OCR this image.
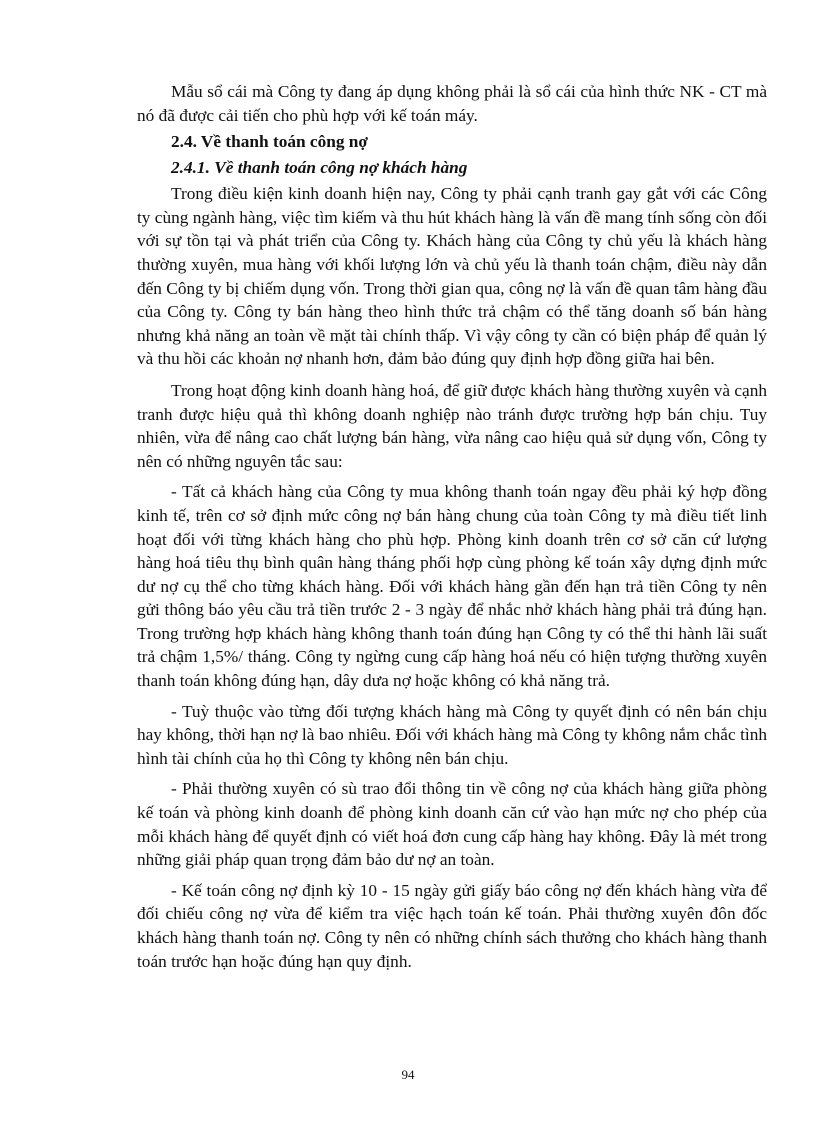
Mẫu sổ cái mà Công ty đang áp dụng không phải là sổ cái của hình thức NK - CT mà nó đã được cải tiến cho phù hợp với kế toán máy.

2.4. Về thanh toán công nợ
2.4.1. Về thanh toán công nợ khách hàng

Trong điều kiện kinh doanh hiện nay, Công ty phải cạnh tranh gay gắt với các Công ty cùng ngành hàng, việc tìm kiếm và thu hút khách hàng là vấn đề mang tính sống còn đối với sự tồn tại và phát triển của Công ty. Khách hàng của Công ty chủ yếu là khách hàng thường xuyên, mua hàng với khối lượng lớn và chủ yếu là thanh toán chậm, điều này dẫn đến Công ty bị chiếm dụng vốn. Trong thời gian qua, công nợ là vấn đề quan tâm hàng đầu của Công ty. Công ty bán hàng theo hình thức trả chậm có thể tăng doanh số bán hàng nhưng khả năng an toàn về mặt tài chính thấp. Vì vậy công ty cần có biện pháp để quản lý và thu hồi các khoản nợ nhanh hơn, đảm bảo đúng quy định hợp đồng giữa hai bên.

Trong hoạt động kinh doanh hàng hoá, để giữ được khách hàng thường xuyên và cạnh tranh được hiệu quả thì không doanh nghiệp nào tránh được trường hợp bán chịu. Tuy nhiên, vừa để nâng cao chất lượng bán hàng, vừa nâng cao hiệu quả sử dụng vốn, Công ty nên có những nguyên tắc sau:

- Tất cả khách hàng của Công ty mua không thanh toán ngay đều phải ký hợp đồng kinh tế, trên cơ sở định mức công nợ bán hàng chung của toàn Công ty mà điều tiết linh hoạt đối với từng khách hàng cho phù hợp. Phòng kinh doanh trên cơ sở căn cứ lượng hàng hoá tiêu thụ bình quân hàng tháng phối hợp cùng phòng kế toán xây dựng định mức dư nợ cụ thể cho từng khách hàng. Đối với khách hàng gần đến hạn trả tiền Công ty nên gửi thông báo yêu cầu trả tiền trước 2 - 3 ngày để nhắc nhở khách hàng phải trả đúng hạn. Trong trường hợp khách hàng không thanh toán đúng hạn Công ty có thể thi hành lãi suất trả chậm 1,5%/ tháng. Công ty ngừng cung cấp hàng hoá nếu có hiện tượng thường xuyên thanh toán không đúng hạn, dây dưa nợ hoặc không có khả năng trả.

- Tuỳ thuộc vào từng đối tượng khách hàng mà Công ty quyết định có nên bán chịu hay không, thời hạn nợ là bao nhiêu. Đối với khách hàng mà Công ty không nắm chắc tình hình tài chính của họ thì Công ty không nên bán chịu.

- Phải thường xuyên có sù trao đổi thông tin về công nợ của khách hàng giữa phòng kế toán và phòng kinh doanh để phòng kinh doanh căn cứ vào hạn mức nợ cho phép của mỗi khách hàng để quyết định có viết hoá đơn cung cấp hàng hay không. Đây là mét trong những giải pháp quan trọng đảm bảo dư nợ an toàn.

- Kế toán công nợ định kỳ 10 - 15 ngày gửi giấy báo công nợ đến khách hàng vừa để đối chiếu công nợ vừa để kiểm tra việc hạch toán kế toán. Phải thường xuyên đôn đốc khách hàng thanh toán nợ. Công ty nên có những chính sách thưởng cho khách hàng thanh toán trước hạn hoặc đúng hạn quy định.

94
